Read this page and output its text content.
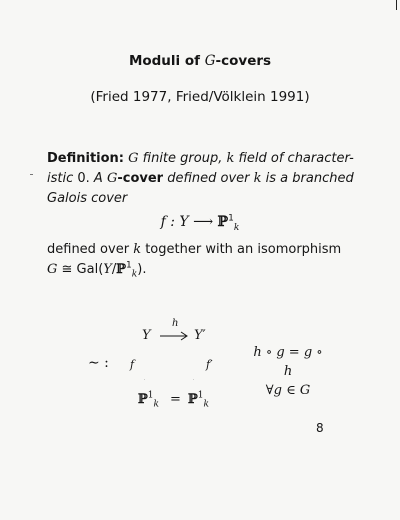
Moduli of G-covers
(Fried 1977, Fried/Völklein 1991)
Definition: G finite group, k field of character-
istic 0. A G-cover defined over k is a branched
Galois cover
f : Y ⟶ ℙ$^1_k$
defined over k together with an isomorphism
G ≅ Gal(Y/ℙ$^1_k$).
∼ :
Y
h
Y′
f	f′
ℙ$^1_k$ = ℙ$^1_k$
h ∘ g = g ∘ h
∀g ∈ G
8
